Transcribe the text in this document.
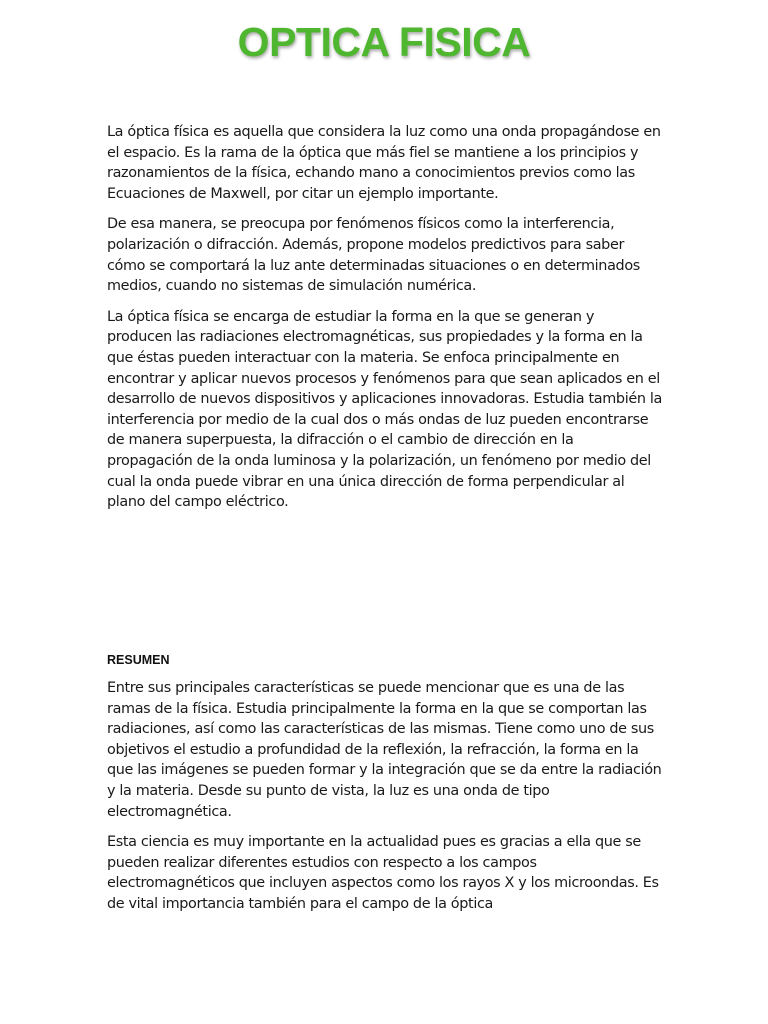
OPTICA FISICA

La óptica física es aquella que considera la luz como una onda propagándose en el espacio. Es la rama de la óptica que más fiel se mantiene a los principios y razonamientos de la física, echando mano a conocimientos previos como las Ecuaciones de Maxwell, por citar un ejemplo importante.

De esa manera, se preocupa por fenómenos físicos como la interferencia, polarización o difracción. Además, propone modelos predictivos para saber cómo se comportará la luz ante determinadas situaciones o en determinados medios, cuando no sistemas de simulación numérica.

La óptica física se encarga de estudiar la forma en la que se generan y producen las radiaciones electromagnéticas, sus propiedades y la forma en la que éstas pueden interactuar con la materia. Se enfoca principalmente en encontrar y aplicar nuevos procesos y fenómenos para que sean aplicados en el desarrollo de nuevos dispositivos y aplicaciones innovadoras. Estudia también la interferencia por medio de la cual dos o más ondas de luz pueden encontrarse de manera superpuesta, la difracción o el cambio de dirección en la propagación de la onda luminosa y la polarización, un fenómeno por medio del cual la onda puede vibrar en una única dirección de forma perpendicular al plano del campo eléctrico.

RESUMEN

Entre sus principales características se puede mencionar que es una de las ramas de la física. Estudia principalmente la forma en la que se comportan las radiaciones, así como las características de las mismas. Tiene como uno de sus objetivos el estudio a profundidad de la reflexión, la refracción, la forma en la que las imágenes se pueden formar y la integración que se da entre la radiación y la materia. Desde su punto de vista, la luz es una onda de tipo electromagnética.

Esta ciencia es muy importante en la actualidad pues es gracias a ella que se pueden realizar diferentes estudios con respecto a los campos electromagnéticos que incluyen aspectos como los rayos X y los microondas. Es de vital importancia también para el campo de la óptica
